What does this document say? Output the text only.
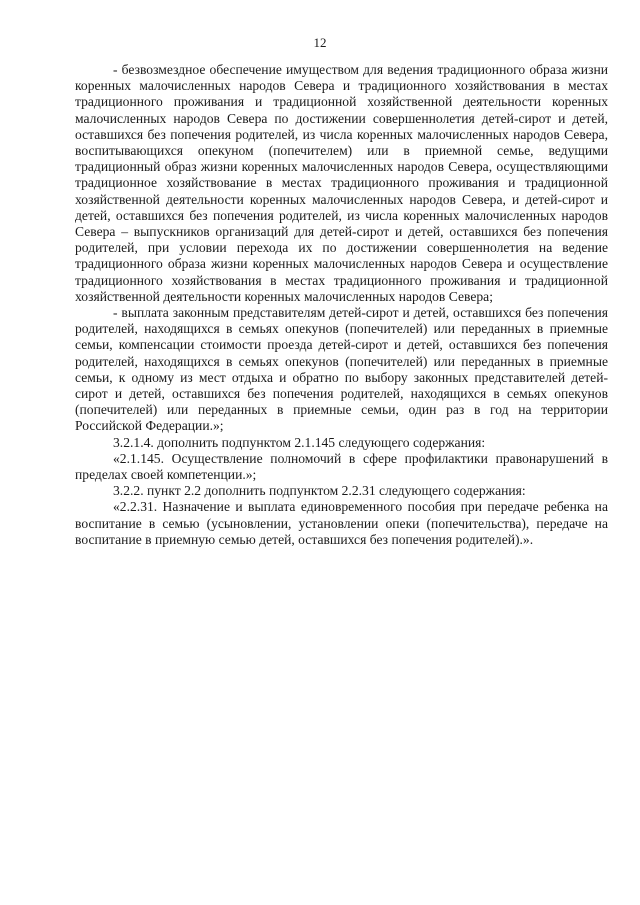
12

- безвозмездное обеспечение имуществом для ведения традиционного образа жизни коренных малочисленных народов Севера и традиционного хозяйствования в местах традиционного проживания и традиционной хозяйственной деятельности коренных малочисленных народов Севера по достижении совершеннолетия детей-сирот и детей, оставшихся без попечения родителей, из числа коренных малочисленных народов Севера, воспитывающихся опекуном (попечителем) или в приемной семье, ведущими традиционный образ жизни коренных малочисленных народов Севера, осуществляющими традиционное хозяйствование в местах традиционного проживания и традиционной хозяйственной деятельности коренных малочисленных народов Севера, и детей-сирот и детей, оставшихся без попечения родителей, из числа коренных малочисленных народов Севера – выпускников организаций для детей-сирот и детей, оставшихся без попечения родителей, при условии перехода их по достижении совершеннолетия на ведение традиционного образа жизни коренных малочисленных народов Севера и осуществление традиционного хозяйствования в местах традиционного проживания и традиционной хозяйственной деятельности коренных малочисленных народов Севера;

- выплата законным представителям детей-сирот и детей, оставшихся без попечения родителей, находящихся в семьях опекунов (попечителей) или переданных в приемные семьи, компенсации стоимости проезда детей-сирот и детей, оставшихся без попечения родителей, находящихся в семьях опекунов (попечителей) или переданных в приемные семьи, к одному из мест отдыха и обратно по выбору законных представителей детей-сирот и детей, оставшихся без попечения родителей, находящихся в семьях опекунов (попечителей) или переданных в приемные семьи, один раз в год на территории Российской Федерации.»;

3.2.1.4. дополнить подпунктом 2.1.145 следующего содержания:

«2.1.145. Осуществление полномочий в сфере профилактики правонарушений в пределах своей компетенции.»;

3.2.2. пункт 2.2 дополнить подпунктом 2.2.31 следующего содержания:

«2.2.31. Назначение и выплата единовременного пособия при передаче ребенка на воспитание в семью (усыновлении, установлении опеки (попечительства), передаче на воспитание в приемную семью детей, оставшихся без попечения родителей).».
